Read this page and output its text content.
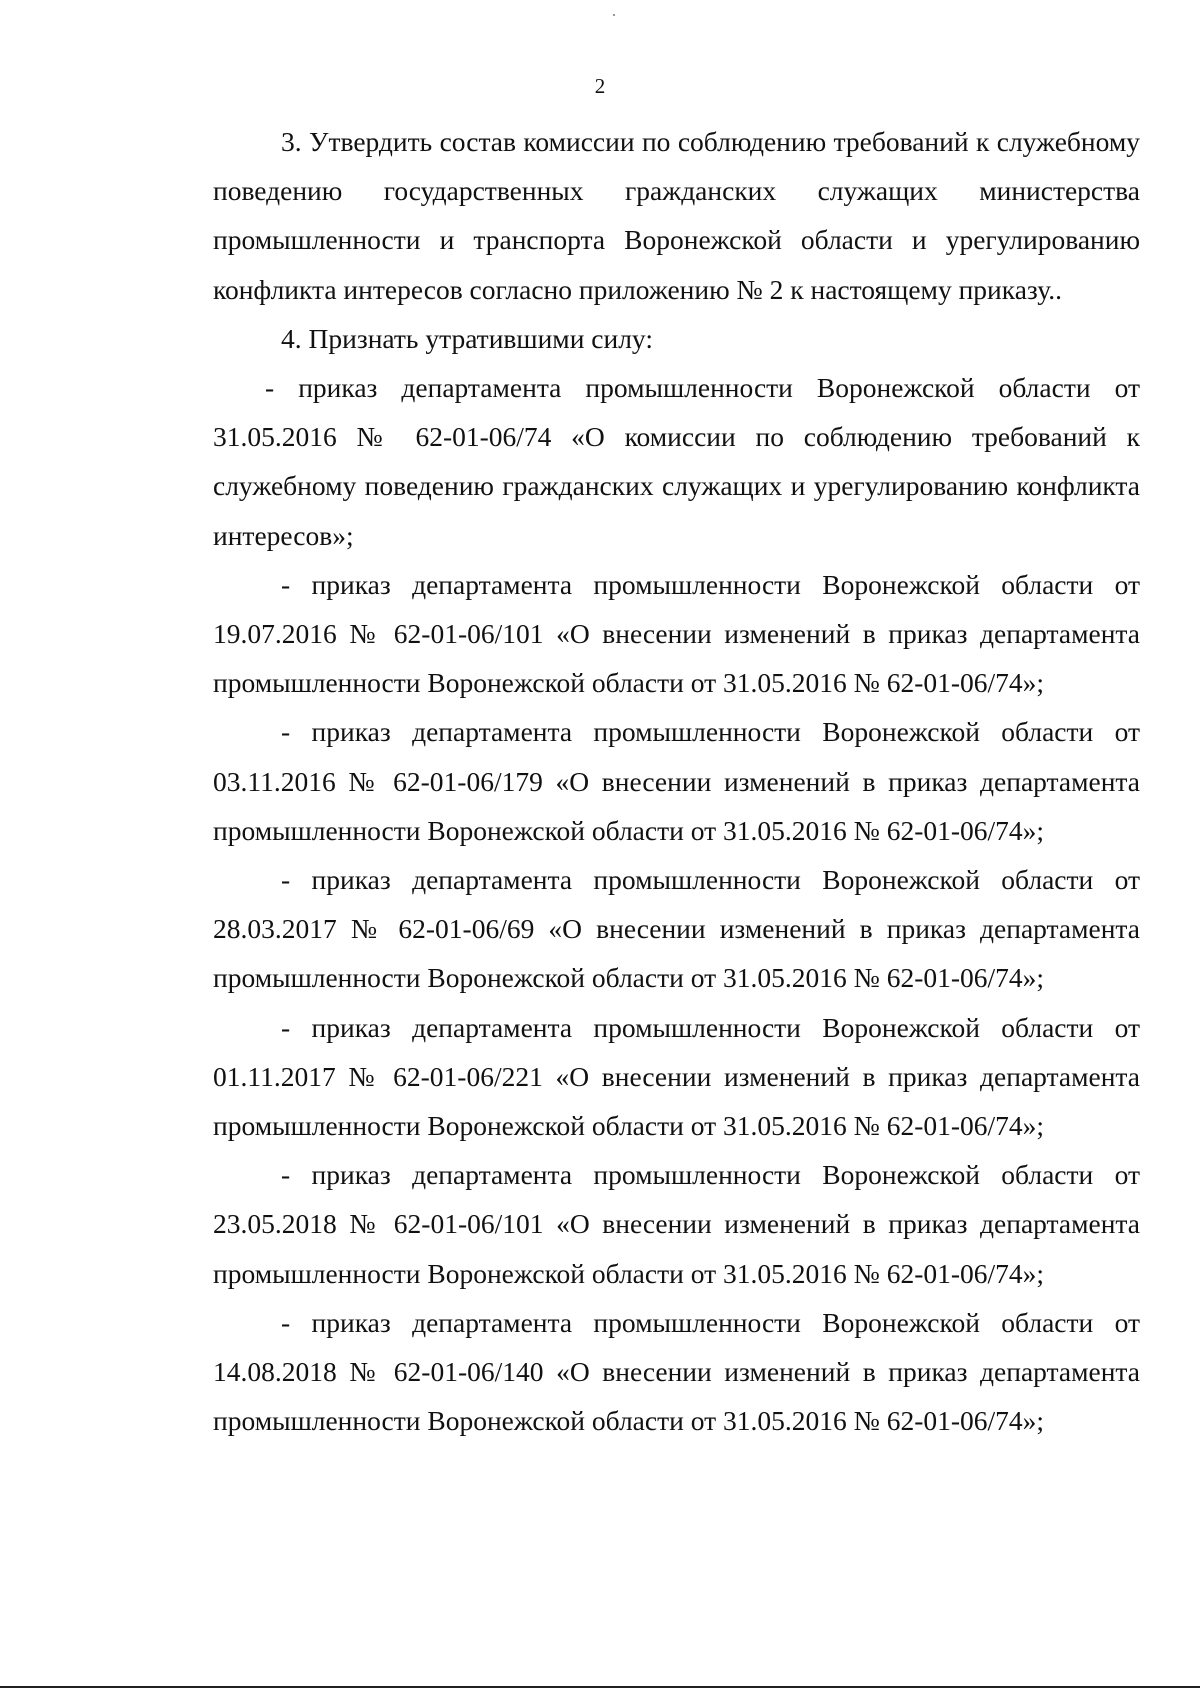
2

3. Утвердить состав комиссии по соблюдению требований к служебному поведению государственных гражданских служащих министерства промышленности и транспорта Воронежской области и урегулированию конфликта интересов согласно приложению № 2 к настоящему приказу..

4. Признать утратившими силу:

- приказ департамента промышленности Воронежской области от 31.05.2016 № 62-01-06/74 «О комиссии по соблюдению требований к служебному поведению гражданских служащих и урегулированию конфликта интересов»;

- приказ департамента промышленности Воронежской области от 19.07.2016 № 62-01-06/101 «О внесении изменений в приказ департамента промышленности Воронежской области от 31.05.2016 № 62-01-06/74»;

- приказ департамента промышленности Воронежской области от 03.11.2016 № 62-01-06/179 «О внесении изменений в приказ департамента промышленности Воронежской области от 31.05.2016 № 62-01-06/74»;

- приказ департамента промышленности Воронежской области от 28.03.2017 № 62-01-06/69 «О внесении изменений в приказ департамента промышленности Воронежской области от 31.05.2016 № 62-01-06/74»;

- приказ департамента промышленности Воронежской области от 01.11.2017 № 62-01-06/221 «О внесении изменений в приказ департамента промышленности Воронежской области от 31.05.2016 № 62-01-06/74»;

- приказ департамента промышленности Воронежской области от 23.05.2018 № 62-01-06/101 «О внесении изменений в приказ департамента промышленности Воронежской области от 31.05.2016 № 62-01-06/74»;

- приказ департамента промышленности Воронежской области от 14.08.2018 № 62-01-06/140 «О внесении изменений в приказ департамента промышленности Воронежской области от 31.05.2016 № 62-01-06/74»;
